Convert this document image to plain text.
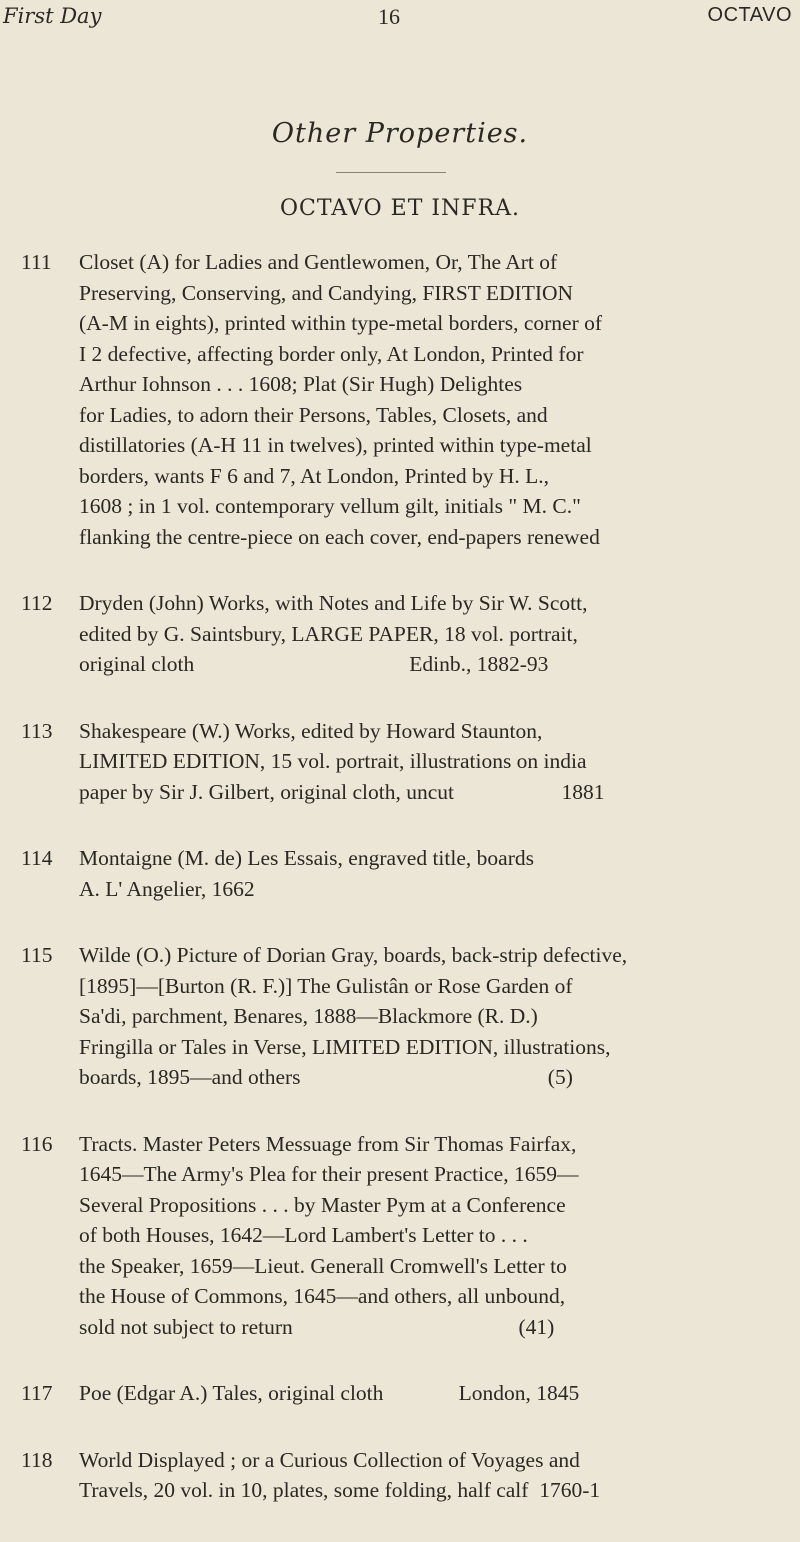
First Day	16	OCTAVO
Other Properties.
OCTAVO ET INFRA.
111	Closet (A) for Ladies and Gentlewomen, Or, The Art of
Preserving, Conserving, and Candying, FIRST EDITION
(A-M in eights), printed within type-metal borders, corner of
I 2 defective, affecting border only, At London, Printed for
Arthur Iohnson . . . 1608; Plat (Sir Hugh) Delightes
for Ladies, to adorn their Persons, Tables, Closets, and
distillatories (A-H 11 in twelves), printed within type-metal
borders, wants F 6 and 7, At London, Printed by H. L.,
1608 ; in 1 vol. contemporary vellum gilt, initials " M. C."
flanking the centre-piece on each cover, end-papers renewed
112	Dryden (John) Works, with Notes and Life by Sir W. Scott,
edited by G. Saintsbury, LARGE PAPER, 18 vol. portrait,
original cloth                                        Edinb., 1882-93
113	Shakespeare (W.) Works, edited by Howard Staunton,
LIMITED EDITION, 15 vol. portrait, illustrations on india
paper by Sir J. Gilbert, original cloth, uncut                    1881
114	Montaigne (M. de) Les Essais, engraved title, boards
A. L' Angelier, 1662
115	Wilde (O.) Picture of Dorian Gray, boards, back-strip defective,
[1895]—[Burton (R. F.)] The Gulistân or Rose Garden of
Sa'di, parchment, Benares, 1888—Blackmore (R. D.)
Fringilla or Tales in Verse, LIMITED EDITION, illustrations,
boards, 1895—and others                                              (5)
116	Tracts. Master Peters Messuage from Sir Thomas Fairfax,
1645—The Army's Plea for their present Practice, 1659—
Several Propositions . . . by Master Pym at a Conference
of both Houses, 1642—Lord Lambert's Letter to . . .
the Speaker, 1659—Lieut. Generall Cromwell's Letter to
the House of Commons, 1645—and others, all unbound,
sold not subject to return                                          (41)
117	Poe (Edgar A.) Tales, original cloth              London, 1845
118	World Displayed ; or a Curious Collection of Voyages and
Travels, 20 vol. in 10, plates, some folding, half calf  1760-1
